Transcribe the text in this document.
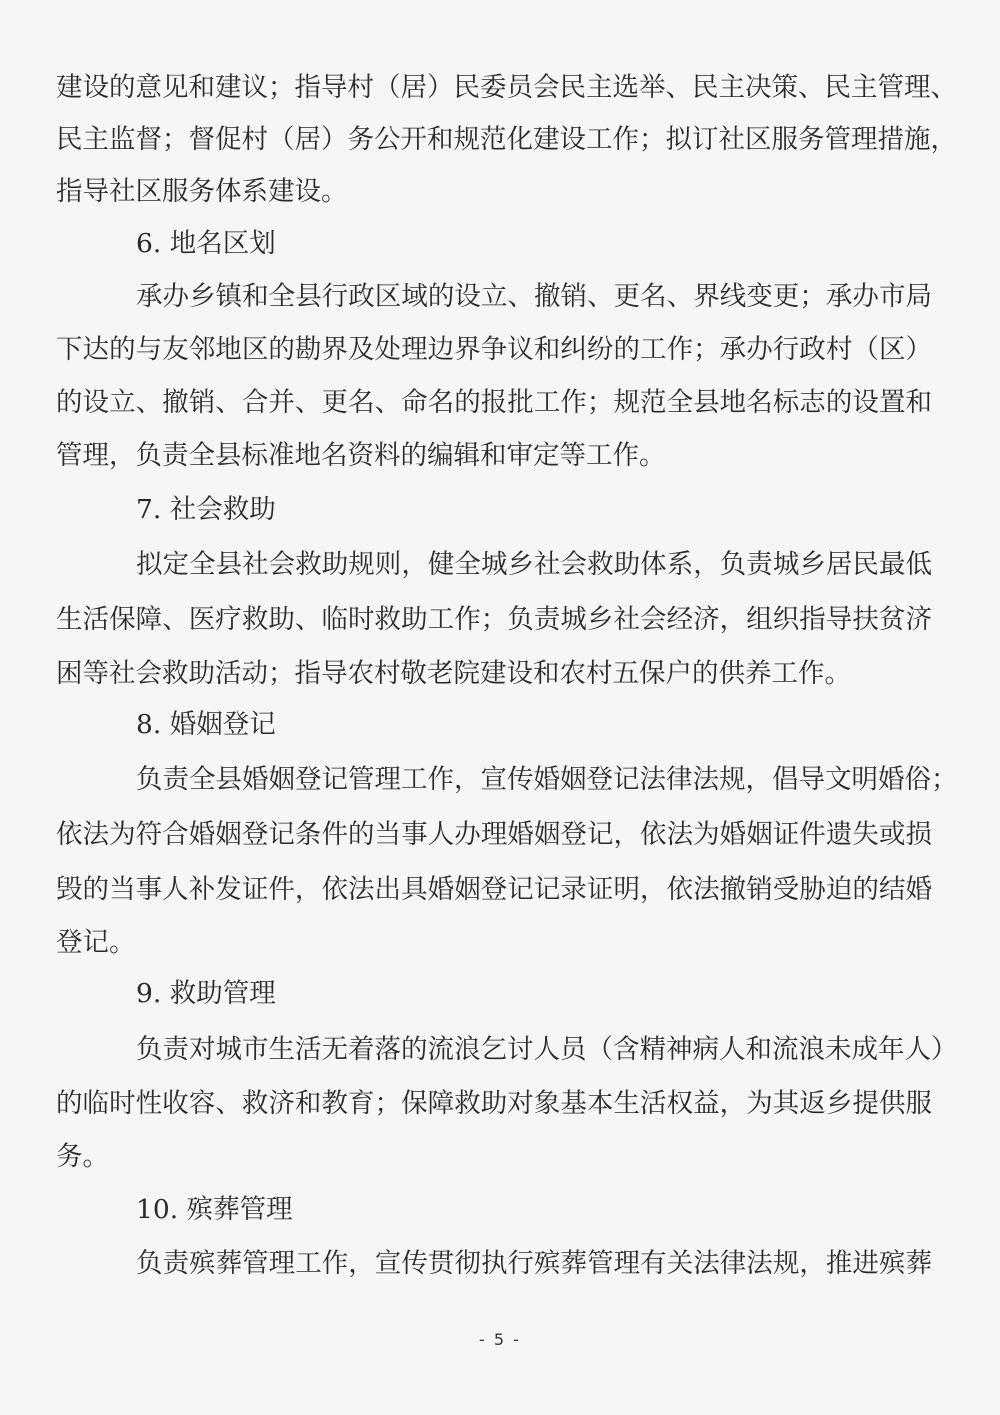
建设的意见和建议；指导村（居）民委员会民主选举、民主决策、民主管理、
民主监督；督促村（居）务公开和规范化建设工作；拟订社区服务管理措施，
指导社区服务体系建设。
6. 地名区划
承办乡镇和全县行政区域的设立、撤销、更名、界线变更；承办市局
下达的与友邻地区的勘界及处理边界争议和纠纷的工作；承办行政村（区）
的设立、撤销、合并、更名、命名的报批工作；规范全县地名标志的设置和
管理，负责全县标准地名资料的编辑和审定等工作。
7. 社会救助
拟定全县社会救助规则，健全城乡社会救助体系，负责城乡居民最低
生活保障、医疗救助、临时救助工作；负责城乡社会经济，组织指导扶贫济
困等社会救助活动；指导农村敬老院建设和农村五保户的供养工作。
8. 婚姻登记
负责全县婚姻登记管理工作，宣传婚姻登记法律法规，倡导文明婚俗；
依法为符合婚姻登记条件的当事人办理婚姻登记，依法为婚姻证件遗失或损
毁的当事人补发证件，依法出具婚姻登记记录证明，依法撤销受胁迫的结婚
登记。
9. 救助管理
负责对城市生活无着落的流浪乞讨人员（含精神病人和流浪未成年人）
的临时性收容、救济和教育；保障救助对象基本生活权益，为其返乡提供服
务。
10. 殡葬管理
负责殡葬管理工作，宣传贯彻执行殡葬管理有关法律法规，推进殡葬
- 5 -
